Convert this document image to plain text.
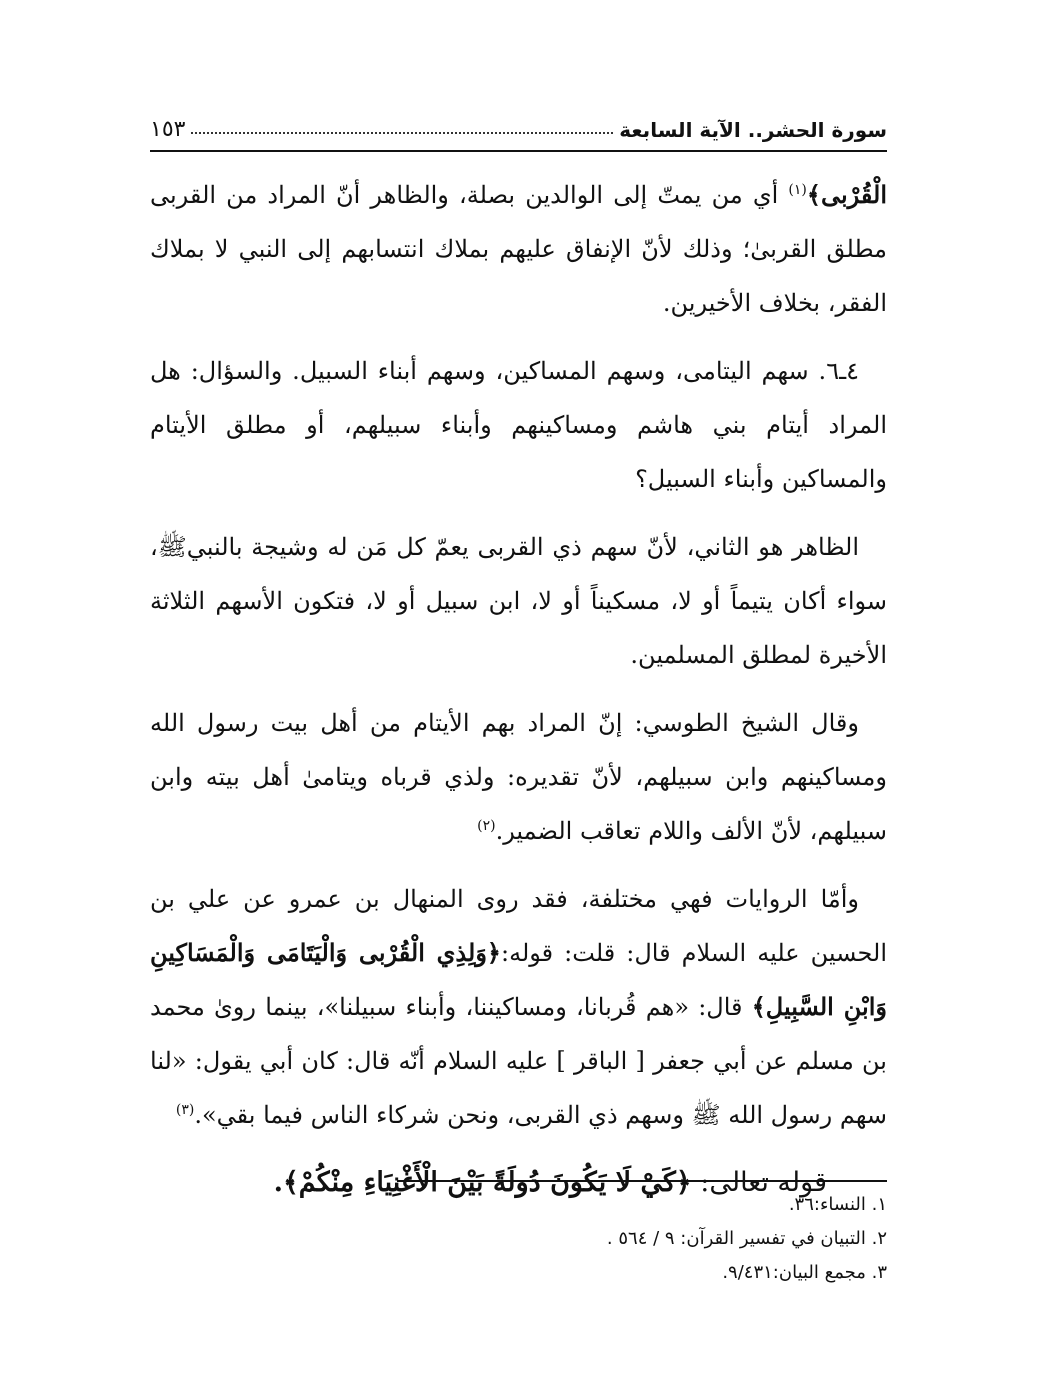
سورة الحشر.. الآية السابعة
١٥٣

الْقُرْبى﴾$^{(١)}$ أي من يمتّ إلى الوالدين بصلة، والظاهر أنّ المراد من القربى مطلق القربىٰ؛ وذلك لأنّ الإنفاق عليهم بملاك انتسابهم إلى النبي لا بملاك الفقر، بخلاف الأخيرين.

٤ـ٦. سهم اليتامى، وسهم المساكين، وسهم أبناء السبيل. والسؤال: هل المراد أيتام بني هاشم ومساكينهم وأبناء سبيلهم، أو مطلق الأيتام والمساكين وأبناء السبيل؟

الظاهر هو الثاني، لأنّ سهم ذي القربى يعمّ كل مَن له وشيجة بالنبيﷺ، سواء أكان يتيماً أو لا، مسكيناً أو لا، ابن سبيل أو لا، فتكون الأسهم الثلاثة الأخيرة لمطلق المسلمين.

وقال الشيخ الطوسي: إنّ المراد بهم الأيتام من أهل بيت رسول الله ومساكينهم وابن سبيلهم، لأنّ تقديره: ولذي قرباه ويتامىٰ أهل بيته وابن سبيلهم، لأنّ الألف واللام تعاقب الضمير.$^{(٢)}$

وأمّا الروايات فهي مختلفة، فقد روى المنهال بن عمرو عن علي بن الحسين‏ عليه السلام قال: قلت: قوله:﴿وَلِذِي الْقُرْبى وَالْيَتَامَى وَالْمَسَاكِينِ وَابْنِ السَّبِيلِ﴾ قال: «هم قُربانا، ومساكيننا، وأبناء سبيلنا»، بينما روىٰ محمد بن مسلم عن أبي جعفر [ الباقر ] عليه السلام أنّه قال: كان أبي يقول: «لنا سهم رسول الله ﷺ وسهم ذي القربى، ونحن شركاء الناس فيما بقي».$^{(٣)}$

قوله تعالى: ﴿كَيْ لَا يَكُونَ دُولَةً بَيْنَ الْأَغْنِيَاءِ مِنْكُمْ﴾.

١. النساء:٣٦.
٢. التبيان في تفسير القرآن: ٩ / ٥٦٤ .
٣. مجمع البيان:٩/٤٣١.
